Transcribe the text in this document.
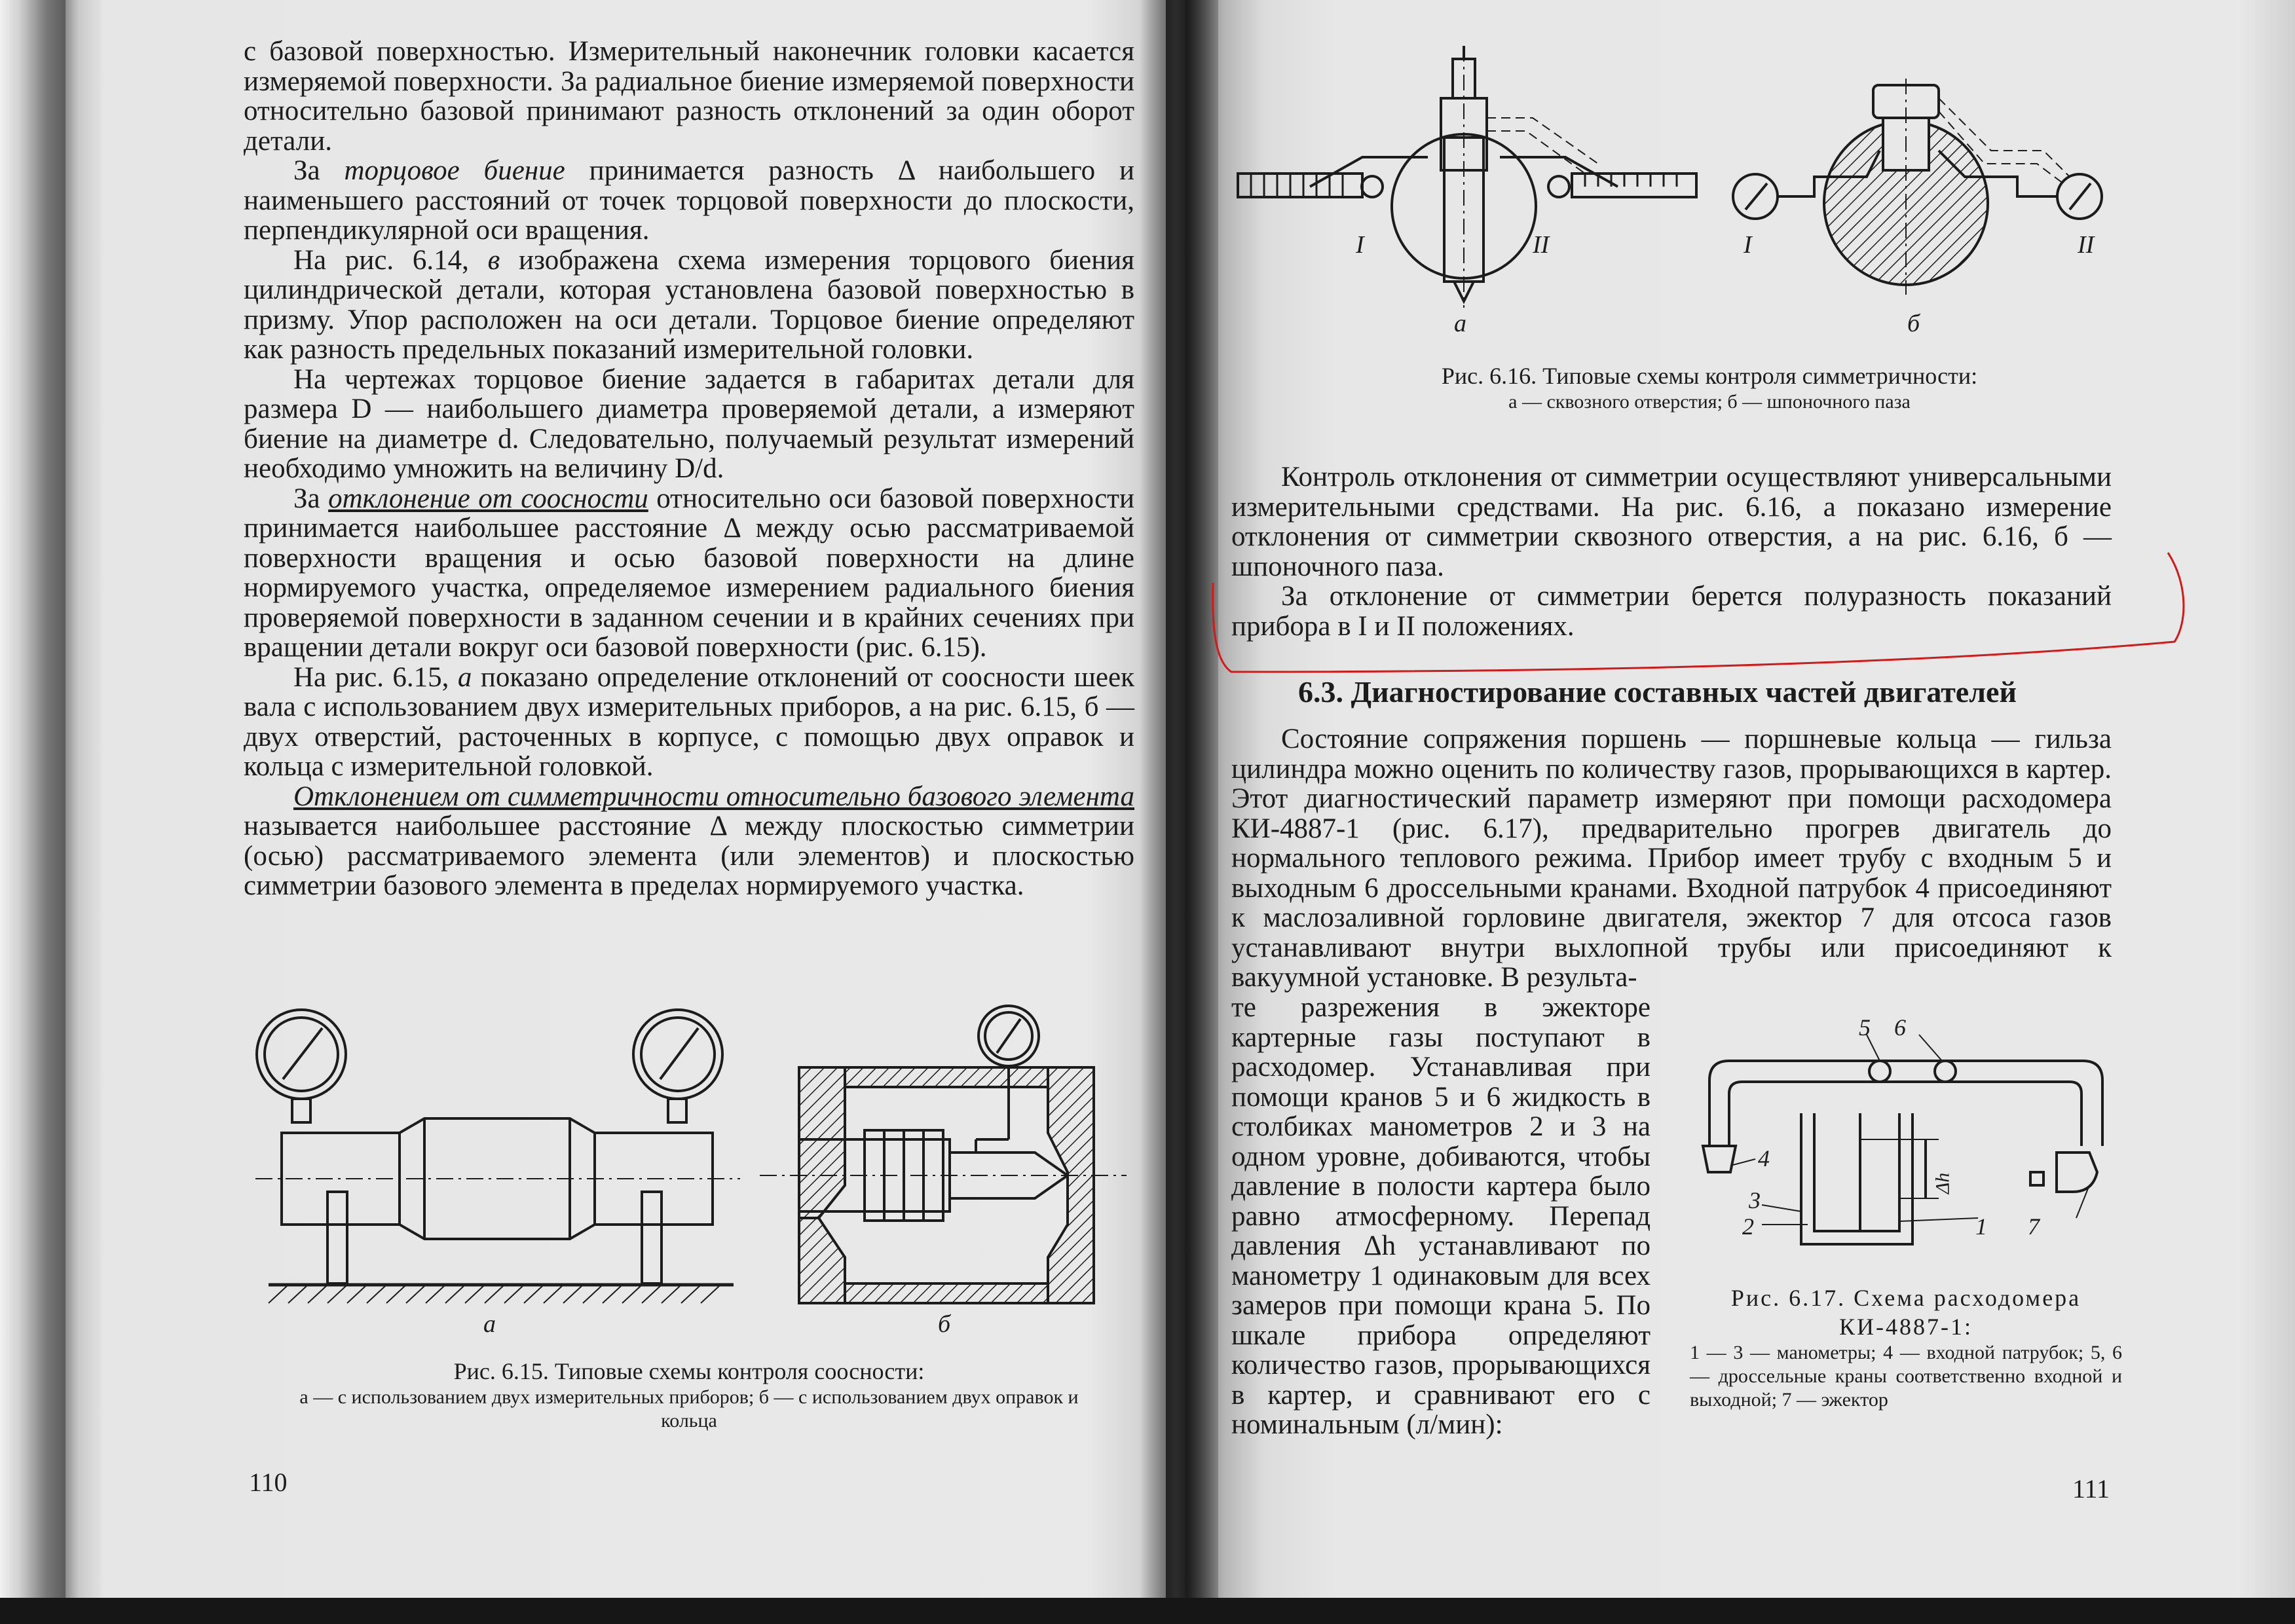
с базовой поверхностью. Измерительный наконечник головки касается измеряемой поверхности. За радиальное биение измеряемой поверхности относительно базовой принимают разность отклонений за один оборот детали.

За торцовое биение принимается разность Δ наибольшего и наименьшего расстояний от точек торцовой поверхности до плоскости, перпендикулярной оси вращения.

На рис. 6.14, в изображена схема измерения торцового биения цилиндрической детали, которая установлена базовой поверхностью в призму. Упор расположен на оси детали. Торцовое биение определяют как разность предельных показаний измерительной головки.

На чертежах торцовое биение задается в габаритах детали для размера D — наибольшего диаметра проверяемой детали, а измеряют биение на диаметре d. Следовательно, получаемый результат измерений необходимо умножить на величину D/d.

За отклонение от соосности относительно оси базовой поверхности принимается наибольшее расстояние Δ между осью рассматриваемой поверхности вращения и осью базовой поверхности на длине нормируемого участка, определяемое измерением радиального биения проверяемой поверхности в заданном сечении и в крайних сечениях при вращении детали вокруг оси базовой поверхности (рис. 6.15).

На рис. 6.15, а показано определение отклонений от соосности шеек вала с использованием двух измерительных приборов, а на рис. 6.15, б — двух отверстий, расточенных в корпусе, с помощью двух оправок и кольца с измерительной головкой.

Отклонением от симметричности относительно базового элемента называется наибольшее расстояние Δ между плоскостью симметрии (осью) рассматриваемого элемента (или элементов) и плоскостью симметрии базового элемента в пределах нормируемого участка.

а	б
Рис. 6.15. Типовые схемы контроля соосности:
а — с использованием двух измерительных приборов; б — с использованием двух оправок и кольца
110
I	II	I	II
а	б
Рис. 6.16. Типовые схемы контроля симметричности:
а — сквозного отверстия; б — шпоночного паза

Контроль отклонения от симметрии осуществляют универсальными измерительными средствами. На рис. 6.16, а показано измерение отклонения от симметрии сквозного отверстия, а на рис. 6.16, б — шпоночного паза.

За отклонение от симметрии берется полуразность показаний прибора в I и II положениях.

6.3. Диагностирование составных частей двигателей
Состояние сопряжения поршень — поршневые кольца — гильза цилиндра можно оценить по количеству газов, прорывающихся в картер. Этот диагностический параметр измеряют при помощи расходомера КИ-4887-1 (рис. 6.17), предварительно прогрев двигатель до нормального теплового режима. Прибор имеет трубу с входным 5 и выходным 6 дроссельными кранами. Входной патрубок 4 присоединяют к маслозаливной горловине двигателя, эжектор 7 для отсоса газов устанавливают внутри выхлопной трубы или присоединяют к вакуумной установке. В результа-
те разрежения в эжекторе картерные газы поступают в расходомер. Устанавливая при помощи кранов 5 и 6 жидкость в столбиках манометров 2 и 3 на одном уровне, добиваются, чтобы давление в полости картера было равно атмосферному. Перепад давления Δh устанавливают по манометру 1 одинаковым для всех замеров при помощи крана 5. По шкале прибора определяют количество газов, прорывающихся в картер, и сравнивают его с номинальным (л/мин):
5 6
4
3
2	1 7
Δh
Рис. 6.17. Схема расходомера КИ-4887-1:
1 — 3 — манометры; 4 — входной патрубок; 5, 6 — дроссельные краны соответственно входной и выходной; 7 — эжектор
111
